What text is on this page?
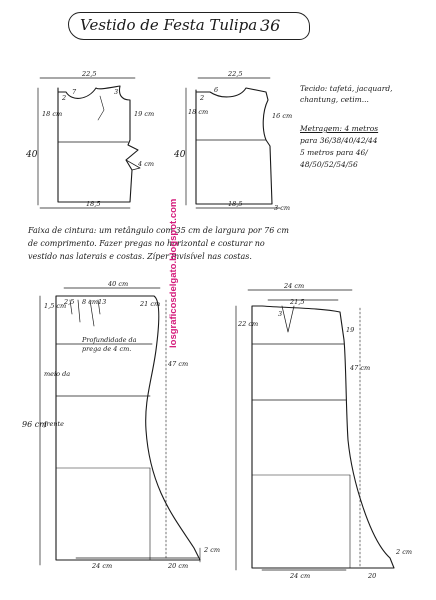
Vestido de Festa Tulipa 36
Tecido: tafetá, jacquard,
chantung, cetim...
Metragem: 4 metros
para 36/38/40/42/44
5 metros para 46/
48/50/52/54/56
22,5
40
18,5
2
7	3
19 cm
18 cm
4 cm
22,5
40
18,5
2
6
16 cm
18 cm
3 cm
Faixa de cintura: um retângulo com 35 cm de largura por 76 cm
de comprimento. Fazer pregas no horizontal e costurar no
vestido nas laterais e costas. Zíper invisível nas costas.
40 cm
1,5 cm 8 cm
2,5	13	21 cm
96 cm
47 cm
Profundidade da prega de 4 cm.
meio da
frente
24 cm	20 cm
2 cm
24 cm
21,5
3
22 cm
19
47 cm
24 cm	20
2 cm
losgraficosdelgato.blogspot.com
